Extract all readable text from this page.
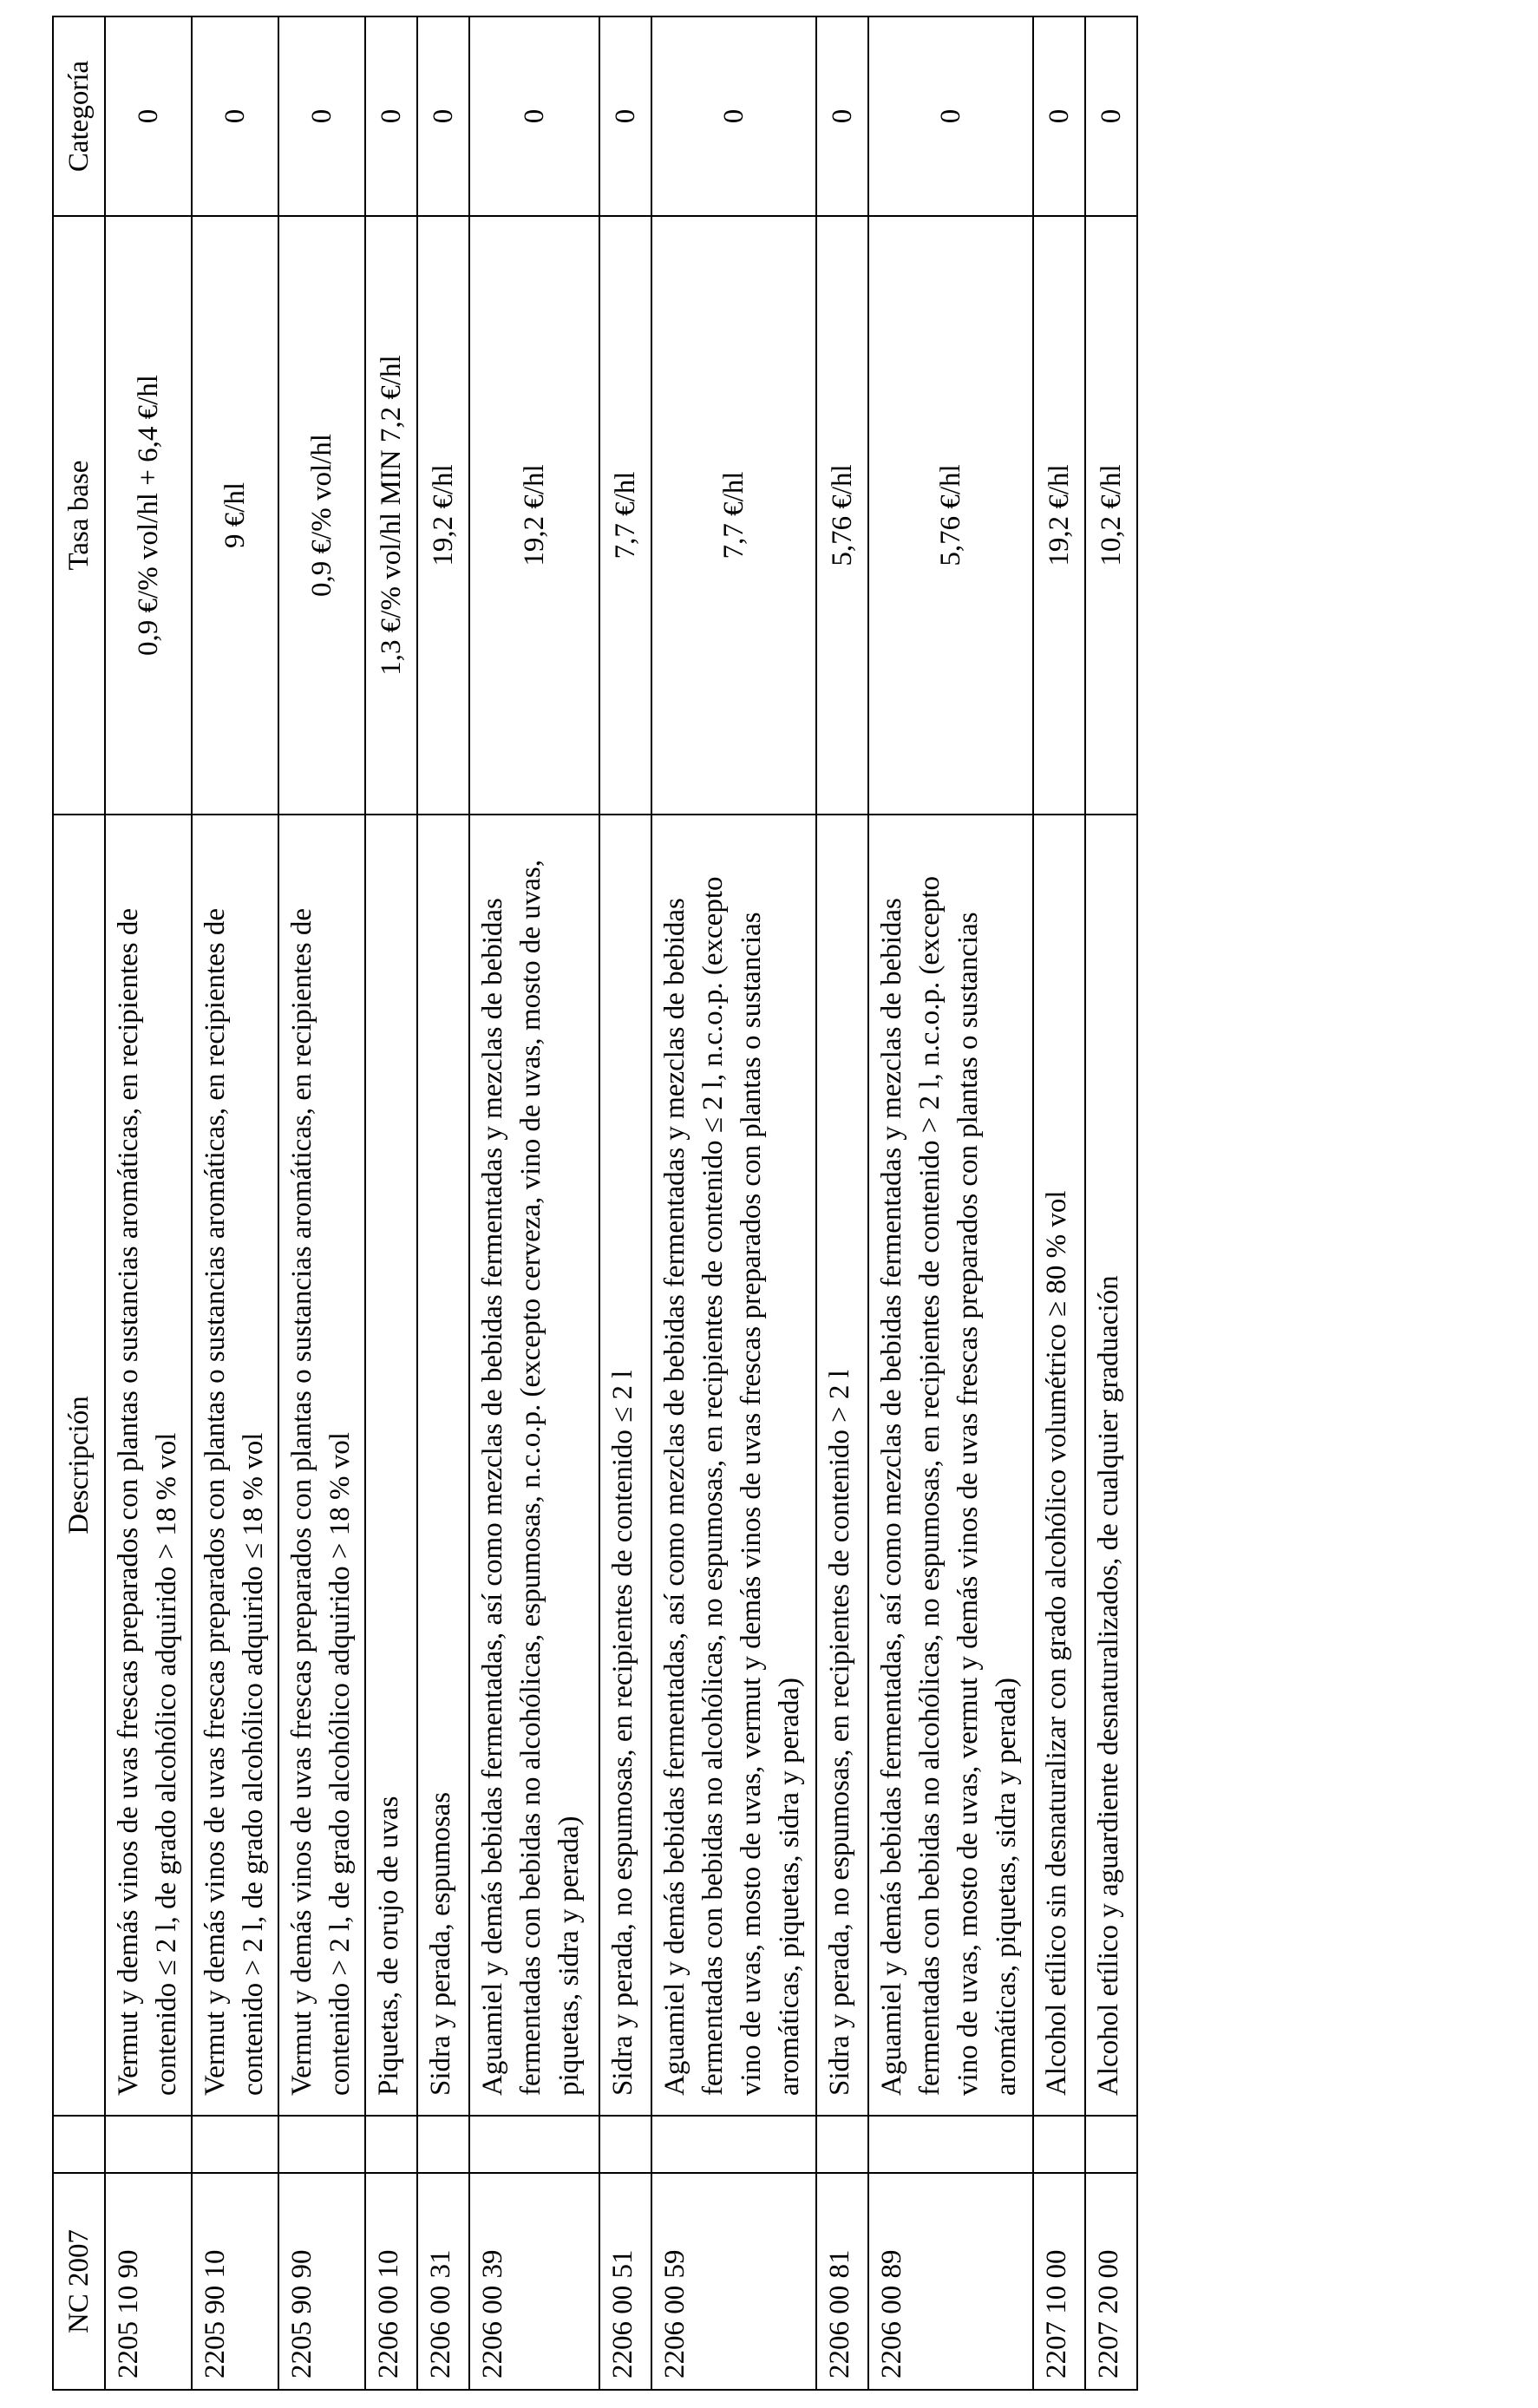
NC 2007		Descripción	Tasa base	Categoría
2205 10 90		Vermut y demás vinos de uvas frescas preparados con plantas o sustancias aromáticas, en recipientes de contenido ≤ 2 l, de grado alcohólico adquirido > 18 % vol	0,9 €/% vol/hl + 6,4 €/hl	0
2205 90 10		Vermut y demás vinos de uvas frescas preparados con plantas o sustancias aromáticas, en recipientes de contenido > 2 l, de grado alcohólico adquirido ≤ 18 % vol	9 €/hl	0
2205 90 90		Vermut y demás vinos de uvas frescas preparados con plantas o sustancias aromáticas, en recipientes de contenido > 2 l, de grado alcohólico adquirido > 18 % vol	0,9 €/% vol/hl	0
2206 00 10		Piquetas, de orujo de uvas	1,3 €/% vol/hl MIN 7,2 €/hl	0
2206 00 31		Sidra y perada, espumosas	19,2 €/hl	0
2206 00 39		Aguamiel y demás bebidas fermentadas, así como mezclas de bebidas fermentadas y mezclas de bebidas fermentadas con bebidas no alcohólicas, espumosas, n.c.o.p. (excepto cerveza, vino de uvas, mosto de uvas, piquetas, sidra y perada)	19,2 €/hl	0
2206 00 51		Sidra y perada, no espumosas, en recipientes de contenido ≤ 2 l	7,7 €/hl	0
2206 00 59		Aguamiel y demás bebidas fermentadas, así como mezclas de bebidas fermentadas y mezclas de bebidas fermentadas con bebidas no alcohólicas, no espumosas, en recipientes de contenido ≤ 2 l, n.c.o.p. (excepto vino de uvas, mosto de uvas, vermut y demás vinos de uvas frescas preparados con plantas o sustancias aromáticas, piquetas, sidra y perada)	7,7 €/hl	0
2206 00 81		Sidra y perada, no espumosas, en recipientes de contenido > 2 l	5,76 €/hl	0
2206 00 89		Aguamiel y demás bebidas fermentadas, así como mezclas de bebidas fermentadas y mezclas de bebidas fermentadas con bebidas no alcohólicas, no espumosas, en recipientes de contenido > 2 l, n.c.o.p. (excepto vino de uvas, mosto de uvas, vermut y demás vinos de uvas frescas preparados con plantas o sustancias aromáticas, piquetas, sidra y perada)	5,76 €/hl	0
2207 10 00		Alcohol etílico sin desnaturalizar con grado alcohólico volumétrico ≥ 80 % vol	19,2 €/hl	0
2207 20 00		Alcohol etílico y aguardiente desnaturalizados, de cualquier graduación	10,2 €/hl	0
